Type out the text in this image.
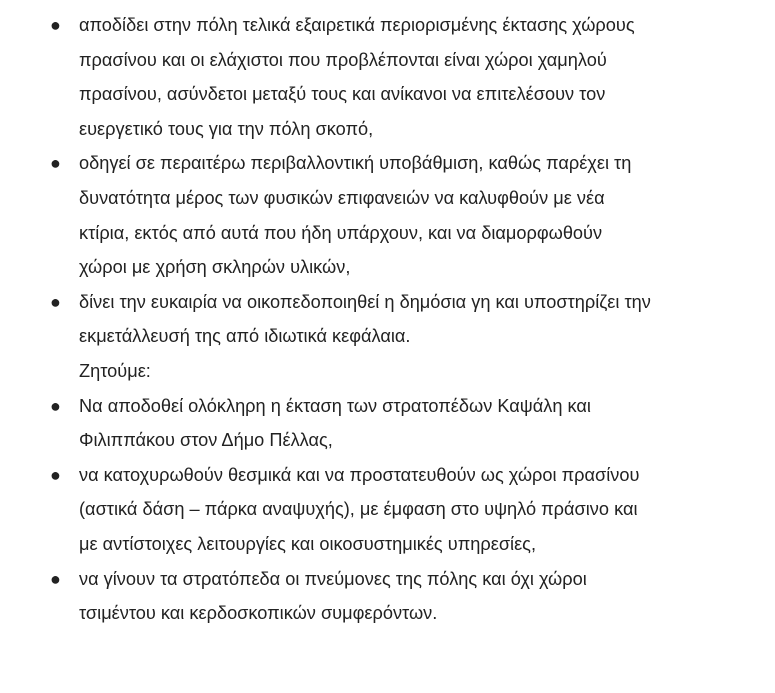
● αποδίδει στην πόλη τελικά εξαιρετικά περιορισμένης έκτασης χώρους
πρασίνου και οι ελάχιστοι που προβλέπονται είναι χώροι χαμηλού
πρασίνου, ασύνδετοι μεταξύ τους και ανίκανοι να επιτελέσουν τον
ευεργετικό τους για την πόλη σκοπό,
● οδηγεί σε περαιτέρω περιβαλλοντική υποβάθμιση, καθώς παρέχει τη
δυνατότητα μέρος των φυσικών επιφανειών να καλυφθούν με νέα
κτίρια, εκτός από αυτά που ήδη υπάρχουν, και να διαμορφωθούν
χώροι με χρήση σκληρών υλικών,
● δίνει την ευκαιρία να οικοπεδοποιηθεί η δημόσια γη και υποστηρίζει την
εκμετάλλευσή της από ιδιωτικά κεφάλαια.
Ζητούμε:
● Να αποδοθεί ολόκληρη η έκταση των στρατοπέδων Καψάλη και
Φιλιππάκου στον Δήμο Πέλλας,
● να κατοχυρωθούν θεσμικά και να προστατευθούν ως χώροι πρασίνου
(αστικά δάση – πάρκα αναψυχής), με έμφαση στο υψηλό πράσινο και
με αντίστοιχες λειτουργίες και οικοσυστημικές υπηρεσίες,
● να γίνουν τα στρατόπεδα οι πνεύμονες της πόλης και όχι χώροι
τσιμέντου και κερδοσκοπικών συμφερόντων.
